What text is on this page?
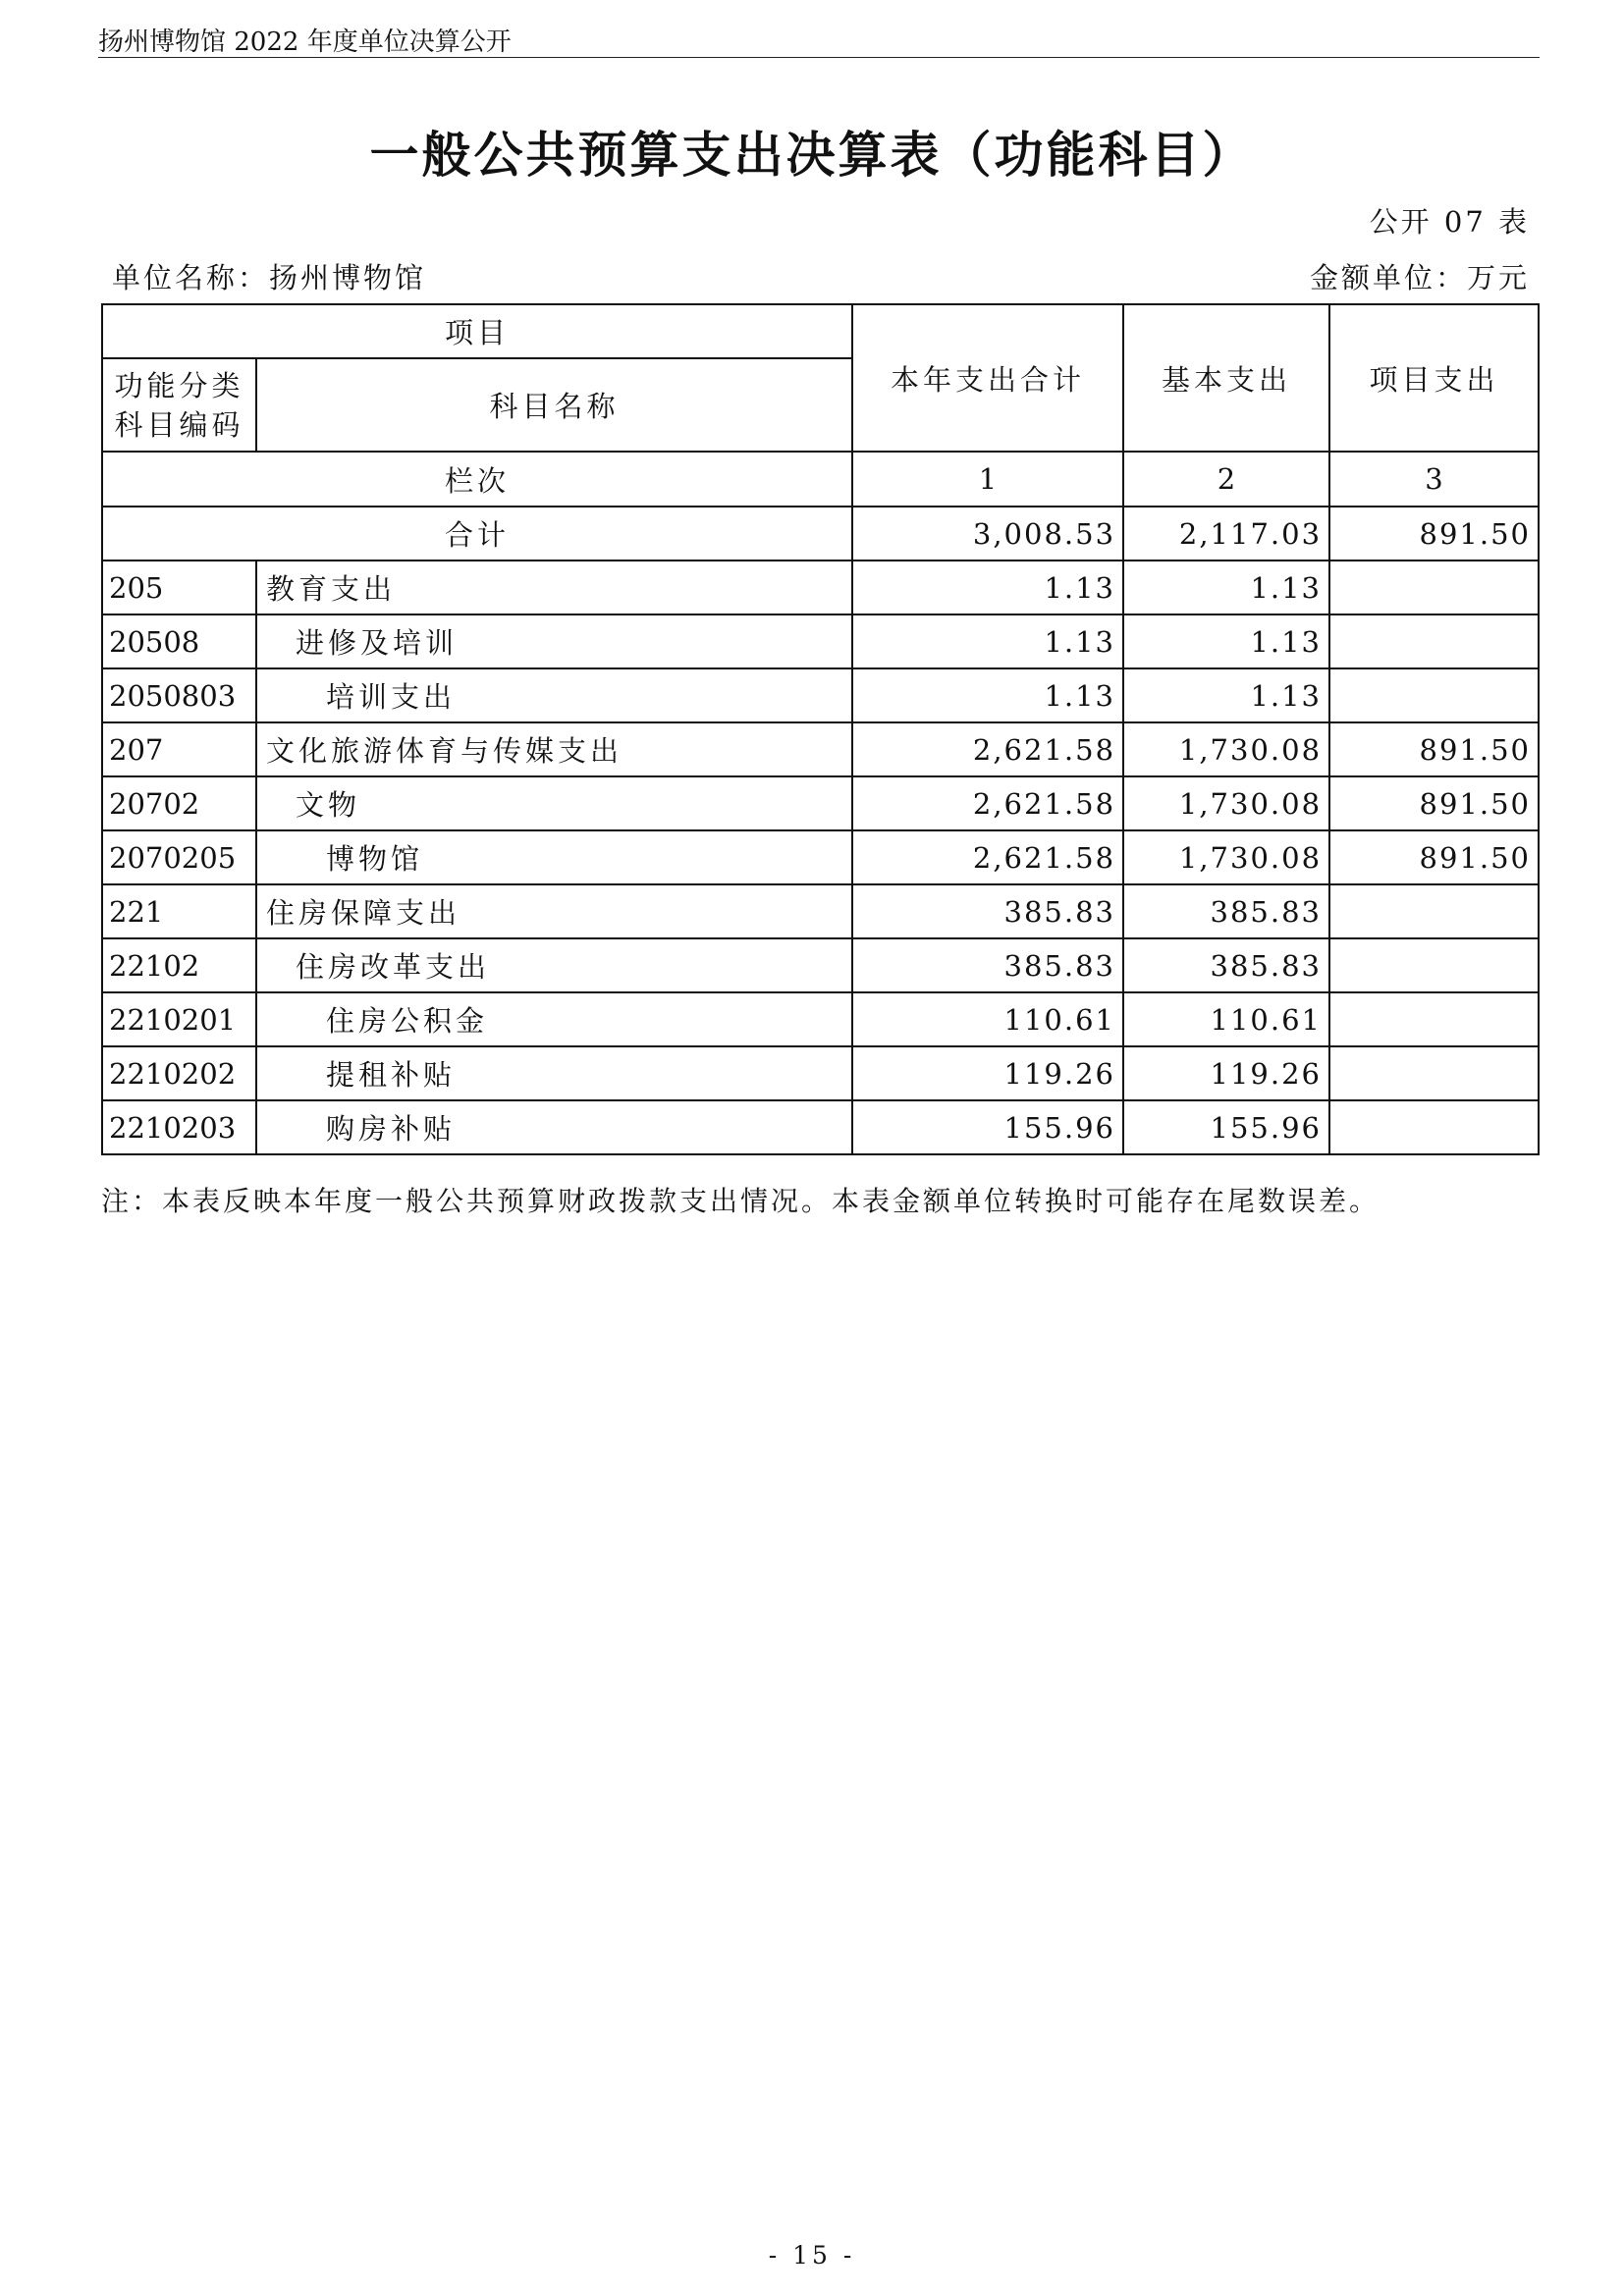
扬州博物馆 2022 年度单位决算公开
一般公共预算支出决算表（功能科目）
公开 07 表
单位名称：扬州博物馆	金额单位：万元
项目		本年支出合计	基本支出	项目支出
功能分类科目编码	科目名称			
栏次		1	2	3
合计		3,008.53	2,117.03	891.50
205	教育支出	1.13	1.13	
20508	进修及培训	1.13	1.13	
2050803	培训支出	1.13	1.13	
207	文化旅游体育与传媒支出	2,621.58	1,730.08	891.50
20702	文物	2,621.58	1,730.08	891.50
2070205	博物馆	2,621.58	1,730.08	891.50
221	住房保障支出	385.83	385.83	
22102	住房改革支出	385.83	385.83	
2210201	住房公积金	110.61	110.61	
2210202	提租补贴	119.26	119.26	
2210203	购房补贴	155.96	155.96	
注：本表反映本年度一般公共预算财政拨款支出情况。本表金额单位转换时可能存在尾数误差。
- 15 -
